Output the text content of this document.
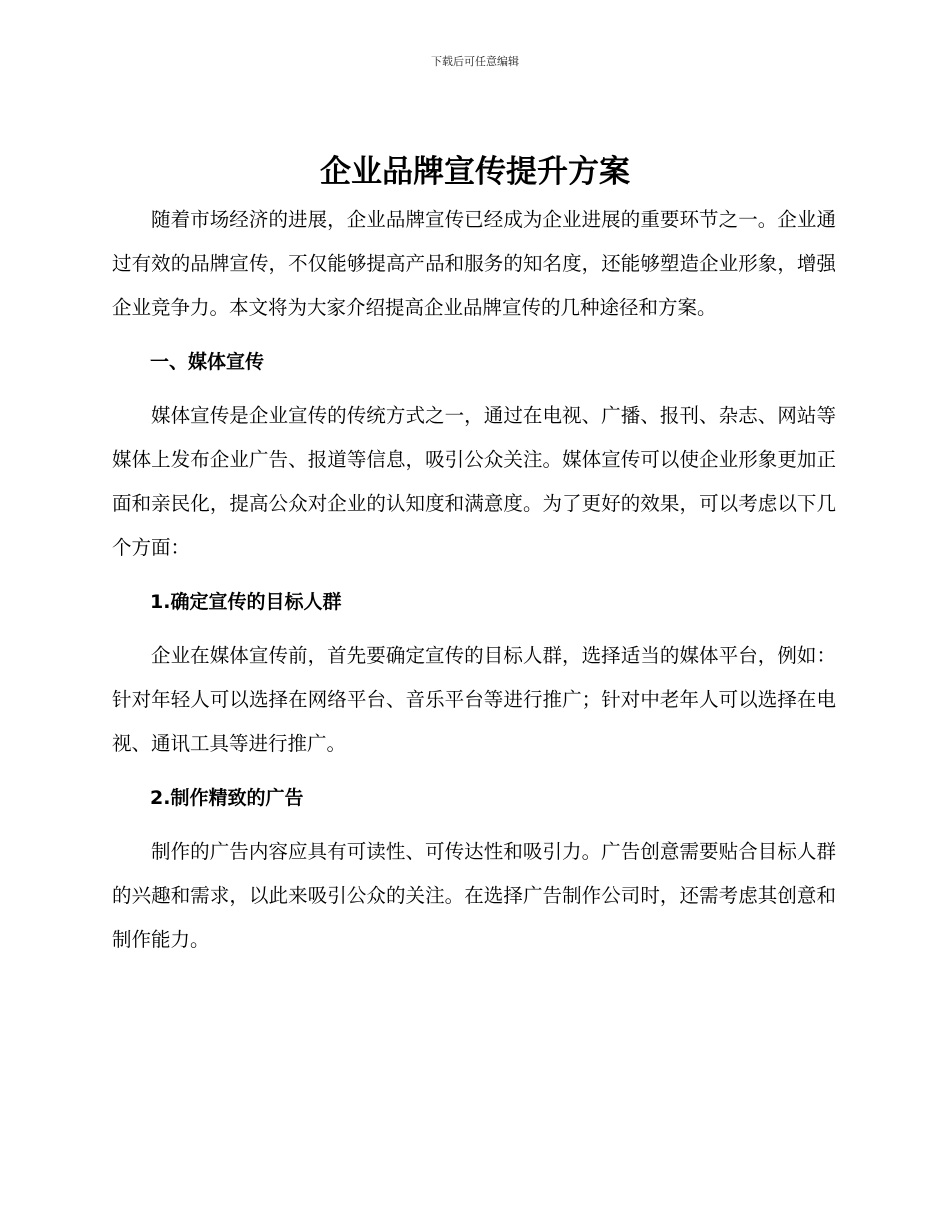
下载后可任意编辑
企业品牌宣传提升方案

随着市场经济的进展，企业品牌宣传已经成为企业进展的重要环节之一。企业通过有效的品牌宣传，不仅能够提高产品和服务的知名度，还能够塑造企业形象，增强企业竞争力。本文将为大家介绍提高企业品牌宣传的几种途径和方案。

一、媒体宣传

媒体宣传是企业宣传的传统方式之一，通过在电视、广播、报刊、杂志、网站等媒体上发布企业广告、报道等信息，吸引公众关注。媒体宣传可以使企业形象更加正面和亲民化，提高公众对企业的认知度和满意度。为了更好的效果，可以考虑以下几个方面：

1.确定宣传的目标人群

企业在媒体宣传前，首先要确定宣传的目标人群，选择适当的媒体平台，例如：针对年轻人可以选择在网络平台、音乐平台等进行推广；针对中老年人可以选择在电视、通讯工具等进行推广。

2.制作精致的广告

制作的广告内容应具有可读性、可传达性和吸引力。广告创意需要贴合目标人群的兴趣和需求，以此来吸引公众的关注。在选择广告制作公司时，还需考虑其创意和制作能力。
